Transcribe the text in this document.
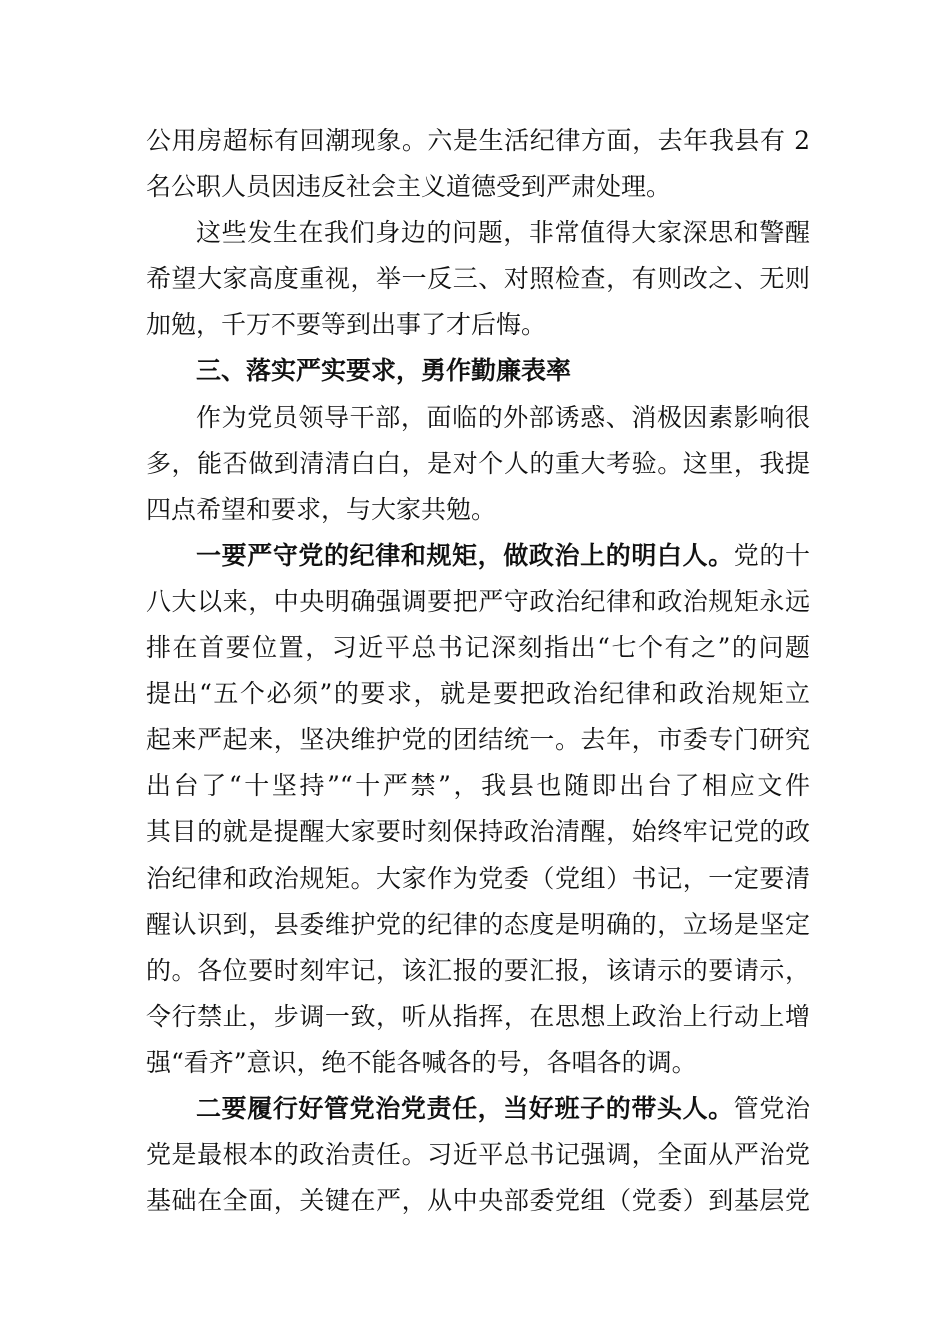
公用房超标有回潮现象。六是生活纪律方面，去年我县有 2
名公职人员因违反社会主义道德受到严肃处理。
这些发生在我们身边的问题，非常值得大家深思和警醒
希望大家高度重视，举一反三、对照检查，有则改之、无则
加勉，千万不要等到出事了才后悔。
三、落实严实要求，勇作勤廉表率
作为党员领导干部，面临的外部诱惑、消极因素影响很
多，能否做到清清白白，是对个人的重大考验。这里，我提
四点希望和要求，与大家共勉。
一要严守党的纪律和规矩，做政治上的明白人。党的十
八大以来，中央明确强调要把严守政治纪律和政治规矩永远
排在首要位置，习近平总书记深刻指出“七个有之”的问题
提出“五个必须”的要求，就是要把政治纪律和政治规矩立
起来严起来，坚决维护党的团结统一。去年，市委专门研究
出台了“十坚持”“十严禁”，我县也随即出台了相应文件
其目的就是提醒大家要时刻保持政治清醒，始终牢记党的政
治纪律和政治规矩。大家作为党委（党组）书记，一定要清
醒认识到，县委维护党的纪律的态度是明确的，立场是坚定
的。各位要时刻牢记，该汇报的要汇报，该请示的要请示，
令行禁止，步调一致，听从指挥，在思想上政治上行动上增
强“看齐”意识，绝不能各喊各的号，各唱各的调。
二要履行好管党治党责任，当好班子的带头人。管党治
党是最根本的政治责任。习近平总书记强调，全面从严治党
基础在全面，关键在严，从中央部委党组（党委）到基层党
